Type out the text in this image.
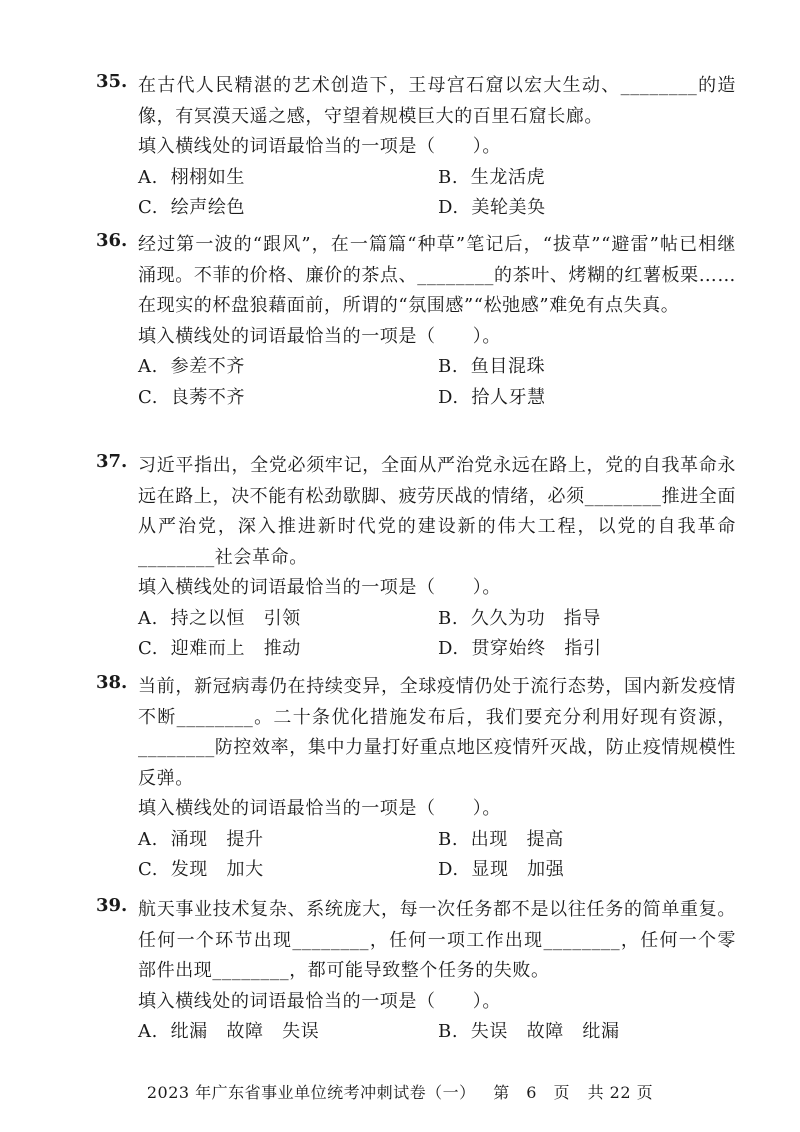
35. 在古代人民精湛的艺术创造下，王母宫石窟以宏大生动、________的造像，有冥漠天遥之感，守望着规模巨大的百里石窟长廊。
填入横线处的词语最恰当的一项是（　　）。
A.  栩栩如生	B.  生龙活虎
C.  绘声绘色	D.  美轮美奂
36. 经过第一波的“跟风”，在一篇篇“种草”笔记后，“拔草”“避雷”帖已相继涌现。不菲的价格、廉价的茶点、________的茶叶、烤糊的红薯板栗……在现实的杯盘狼藉面前，所谓的“氛围感”“松弛感”难免有点失真。
填入横线处的词语最恰当的一项是（　　）。
A.  参差不齐	B.  鱼目混珠
C.  良莠不齐	D.  拾人牙慧
37. 习近平指出，全党必须牢记，全面从严治党永远在路上，党的自我革命永远在路上，决不能有松劲歇脚、疲劳厌战的情绪，必须________推进全面从严治党，深入推进新时代党的建设新的伟大工程，以党的自我革命________社会革命。
填入横线处的词语最恰当的一项是（　　）。
A.  持之以恒　引领	B.  久久为功　指导
C.  迎难而上　推动	D.  贯穿始终　指引
38. 当前，新冠病毒仍在持续变异，全球疫情仍处于流行态势，国内新发疫情不断________。二十条优化措施发布后，我们要充分利用好现有资源，________防控效率，集中力量打好重点地区疫情歼灭战，防止疫情规模性反弹。
填入横线处的词语最恰当的一项是（　　）。
A.  涌现　提升	B.  出现　提高
C.  发现　加大	D.  显现　加强
39. 航天事业技术复杂、系统庞大，每一次任务都不是以往任务的简单重复。任何一个环节出现________，任何一项工作出现________，任何一个零部件出现________，都可能导致整个任务的失败。
填入横线处的词语最恰当的一项是（　　）。
A.  纰漏　故障　失误	B.  失误　故障　纰漏
2023 年广东省事业单位统考冲刺试卷（一） 第　6　页 共 22 页
